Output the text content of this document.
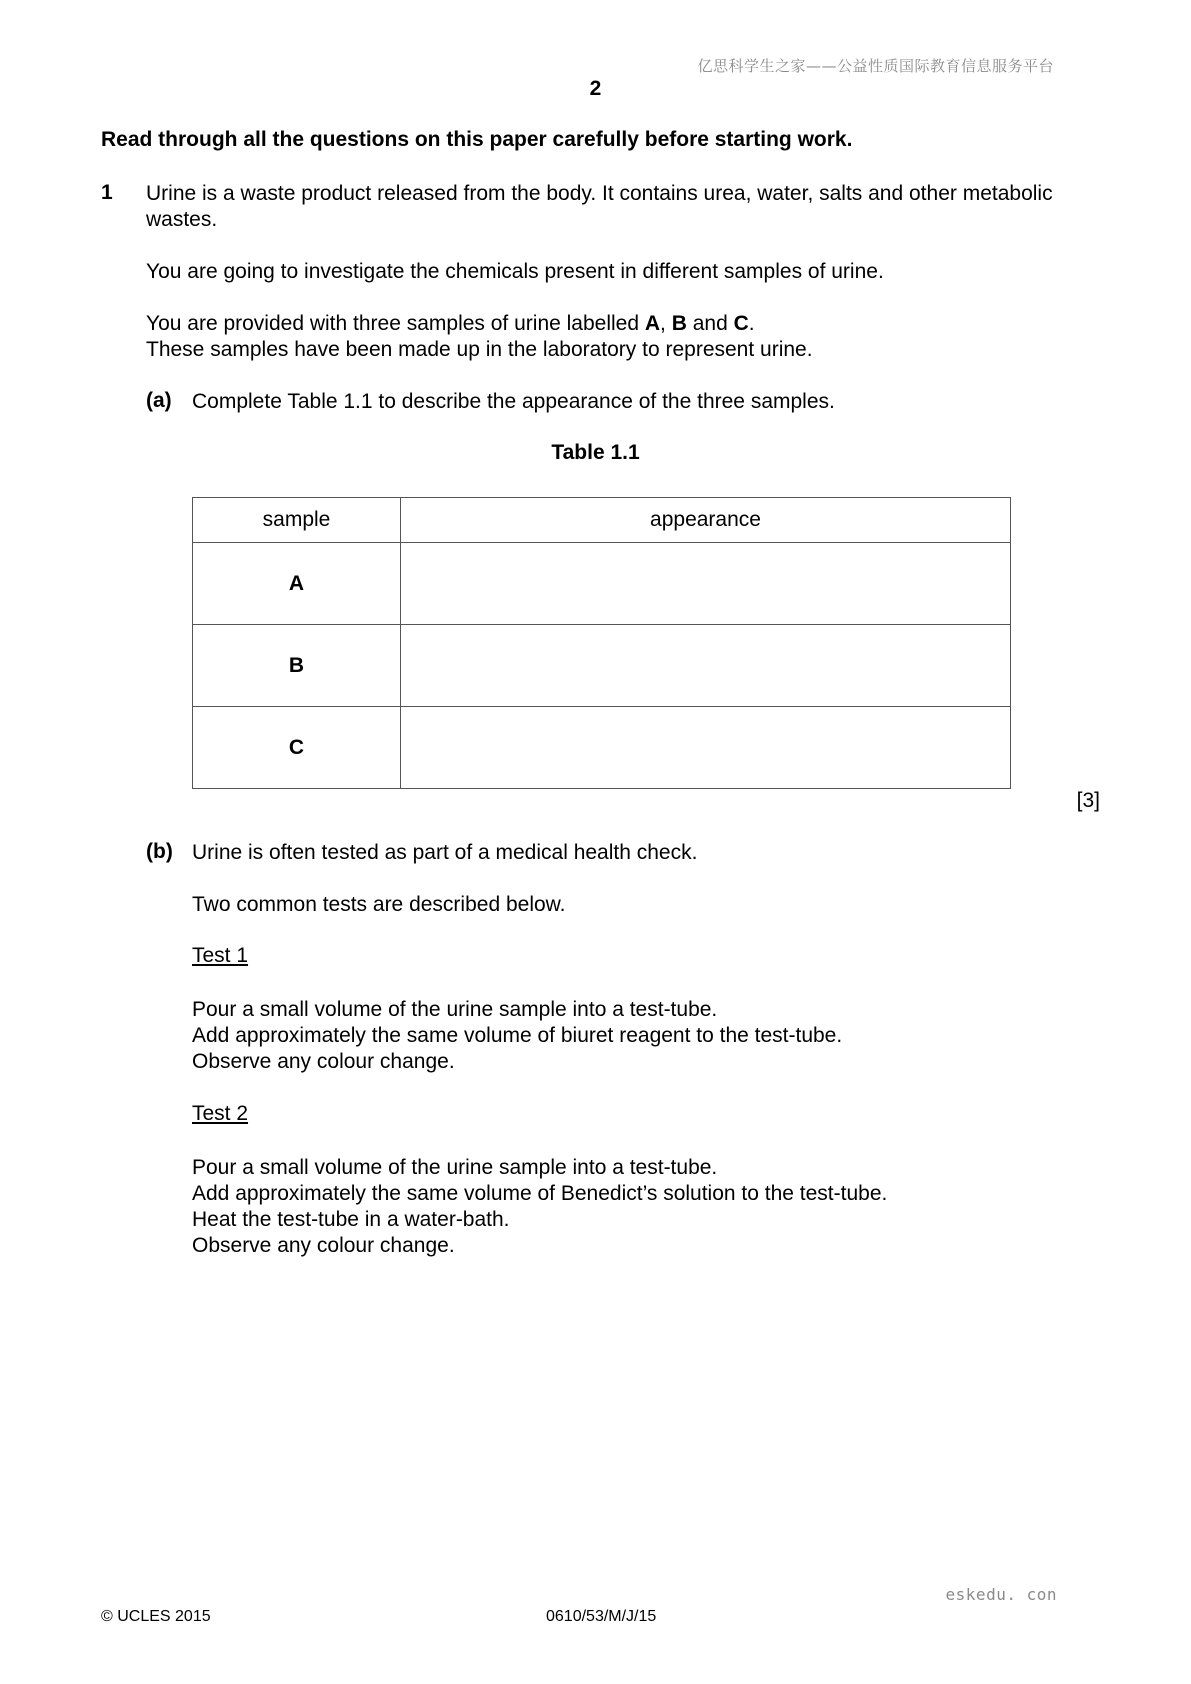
亿思科学生之家——公益性质国际教育信息服务平台
2
Read through all the questions on this paper carefully before starting work.
1 Urine is a waste product released from the body. It contains urea, water, salts and other metabolic wastes.
You are going to investigate the chemicals present in different samples of urine.
You are provided with three samples of urine labelled A, B and C.
These samples have been made up in the laboratory to represent urine.
(a) Complete Table 1.1 to describe the appearance of the three samples.
Table 1.1
sample	appearance
A	
B	
C	
[3]
(b) Urine is often tested as part of a medical health check.
Two common tests are described below.
Test 1
Pour a small volume of the urine sample into a test-tube.
Add approximately the same volume of biuret reagent to the test-tube.
Observe any colour change.
Test 2
Pour a small volume of the urine sample into a test-tube.
Add approximately the same volume of Benedict’s solution to the test-tube.
Heat the test-tube in a water-bath.
Observe any colour change.
eskedu. con
© UCLES 2015	0610/53/M/J/15
